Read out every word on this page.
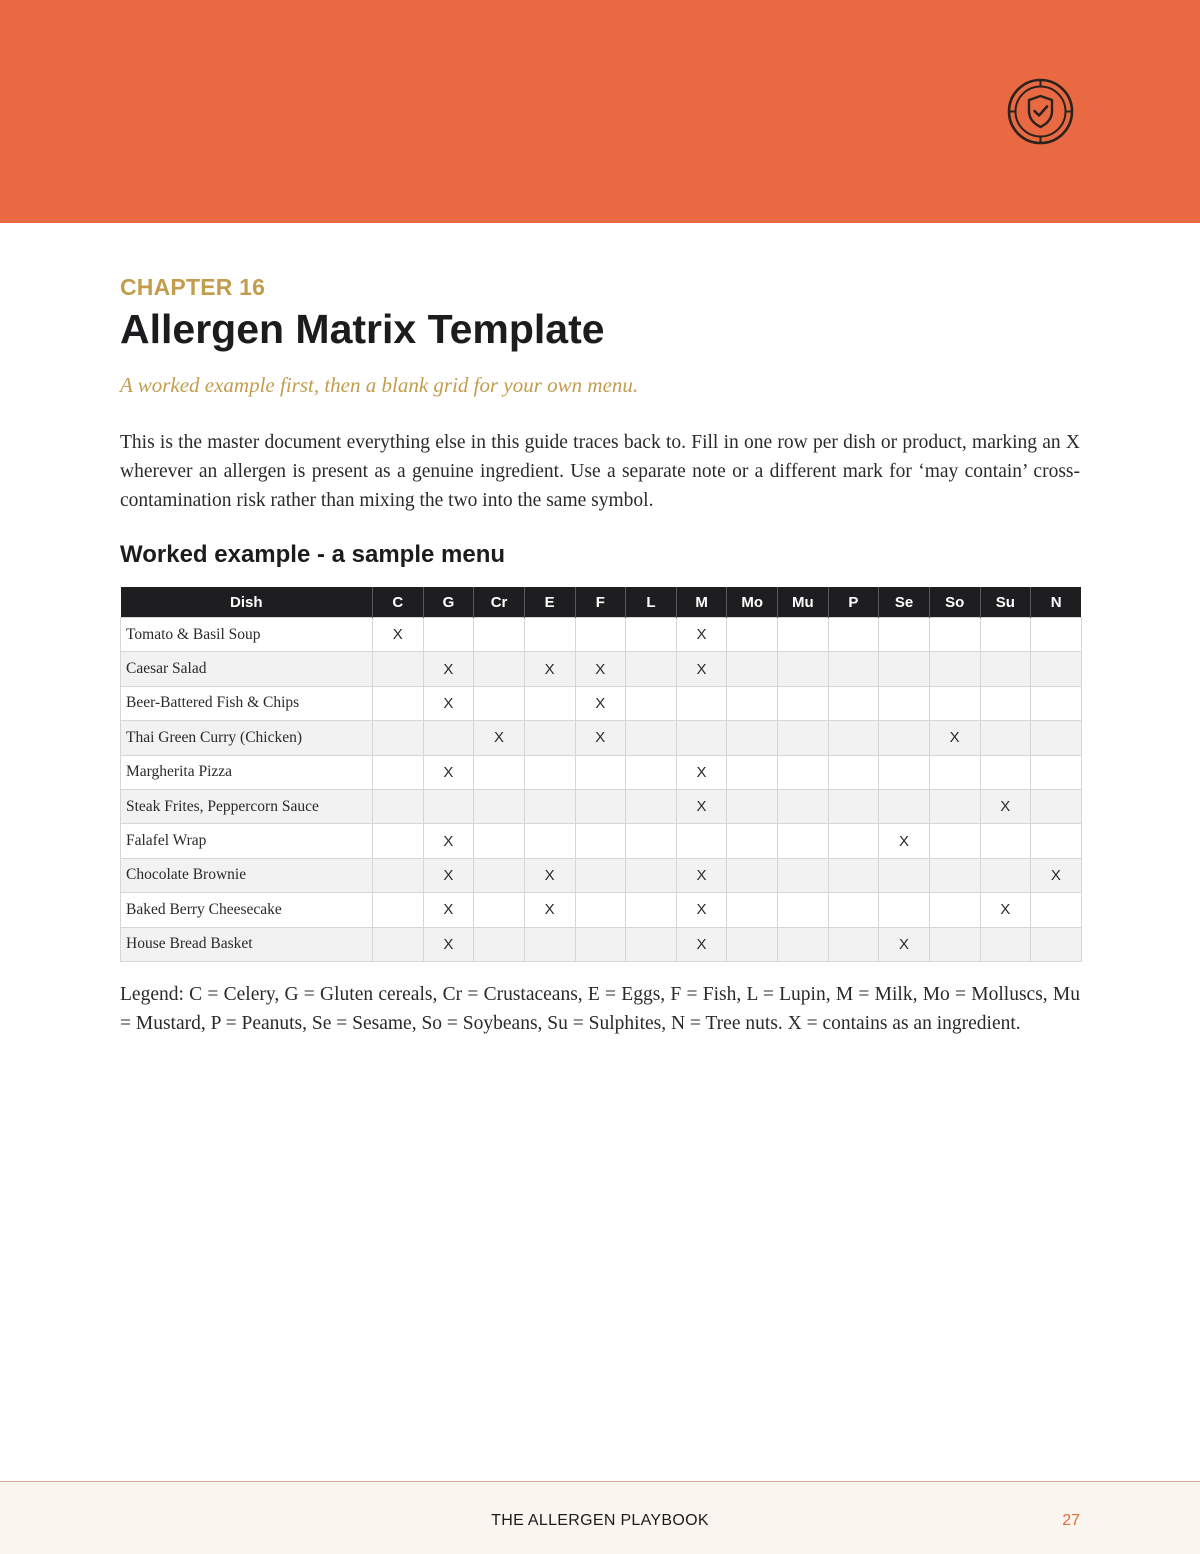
CHAPTER 16
Allergen Matrix Template
A worked example first, then a blank grid for your own menu.

This is the master document everything else in this guide traces back to. Fill in one row per dish or product, marking an X wherever an allergen is present as a genuine ingredient. Use a separate note or a different mark for ‘may contain’ cross-contamination risk rather than mixing the two into the same symbol.

Worked example - a sample menu
Dish	C	G	Cr	E	F	L	M	Mo	Mu	P	Se	So	Su	N
Tomato & Basil Soup	X						X							
Caesar Salad		X		X	X		X							
Beer-Battered Fish & Chips		X			X									
Thai Green Curry (Chicken)			X		X							X		
Margherita Pizza		X					X							
Steak Frites, Peppercorn Sauce							X						X	
Falafel Wrap		X									X			
Chocolate Brownie		X		X			X							X
Baked Berry Cheesecake		X		X			X						X	
House Bread Basket		X					X				X			

Legend: C = Celery, G = Gluten cereals, Cr = Crustaceans, E = Eggs, F = Fish, L = Lupin, M = Milk, Mo = Molluscs, Mu = Mustard, P = Peanuts, Se = Sesame, So = Soybeans, Su = Sulphites, N = Tree nuts. X = contains as an ingredient.

THE ALLERGEN PLAYBOOK	27
